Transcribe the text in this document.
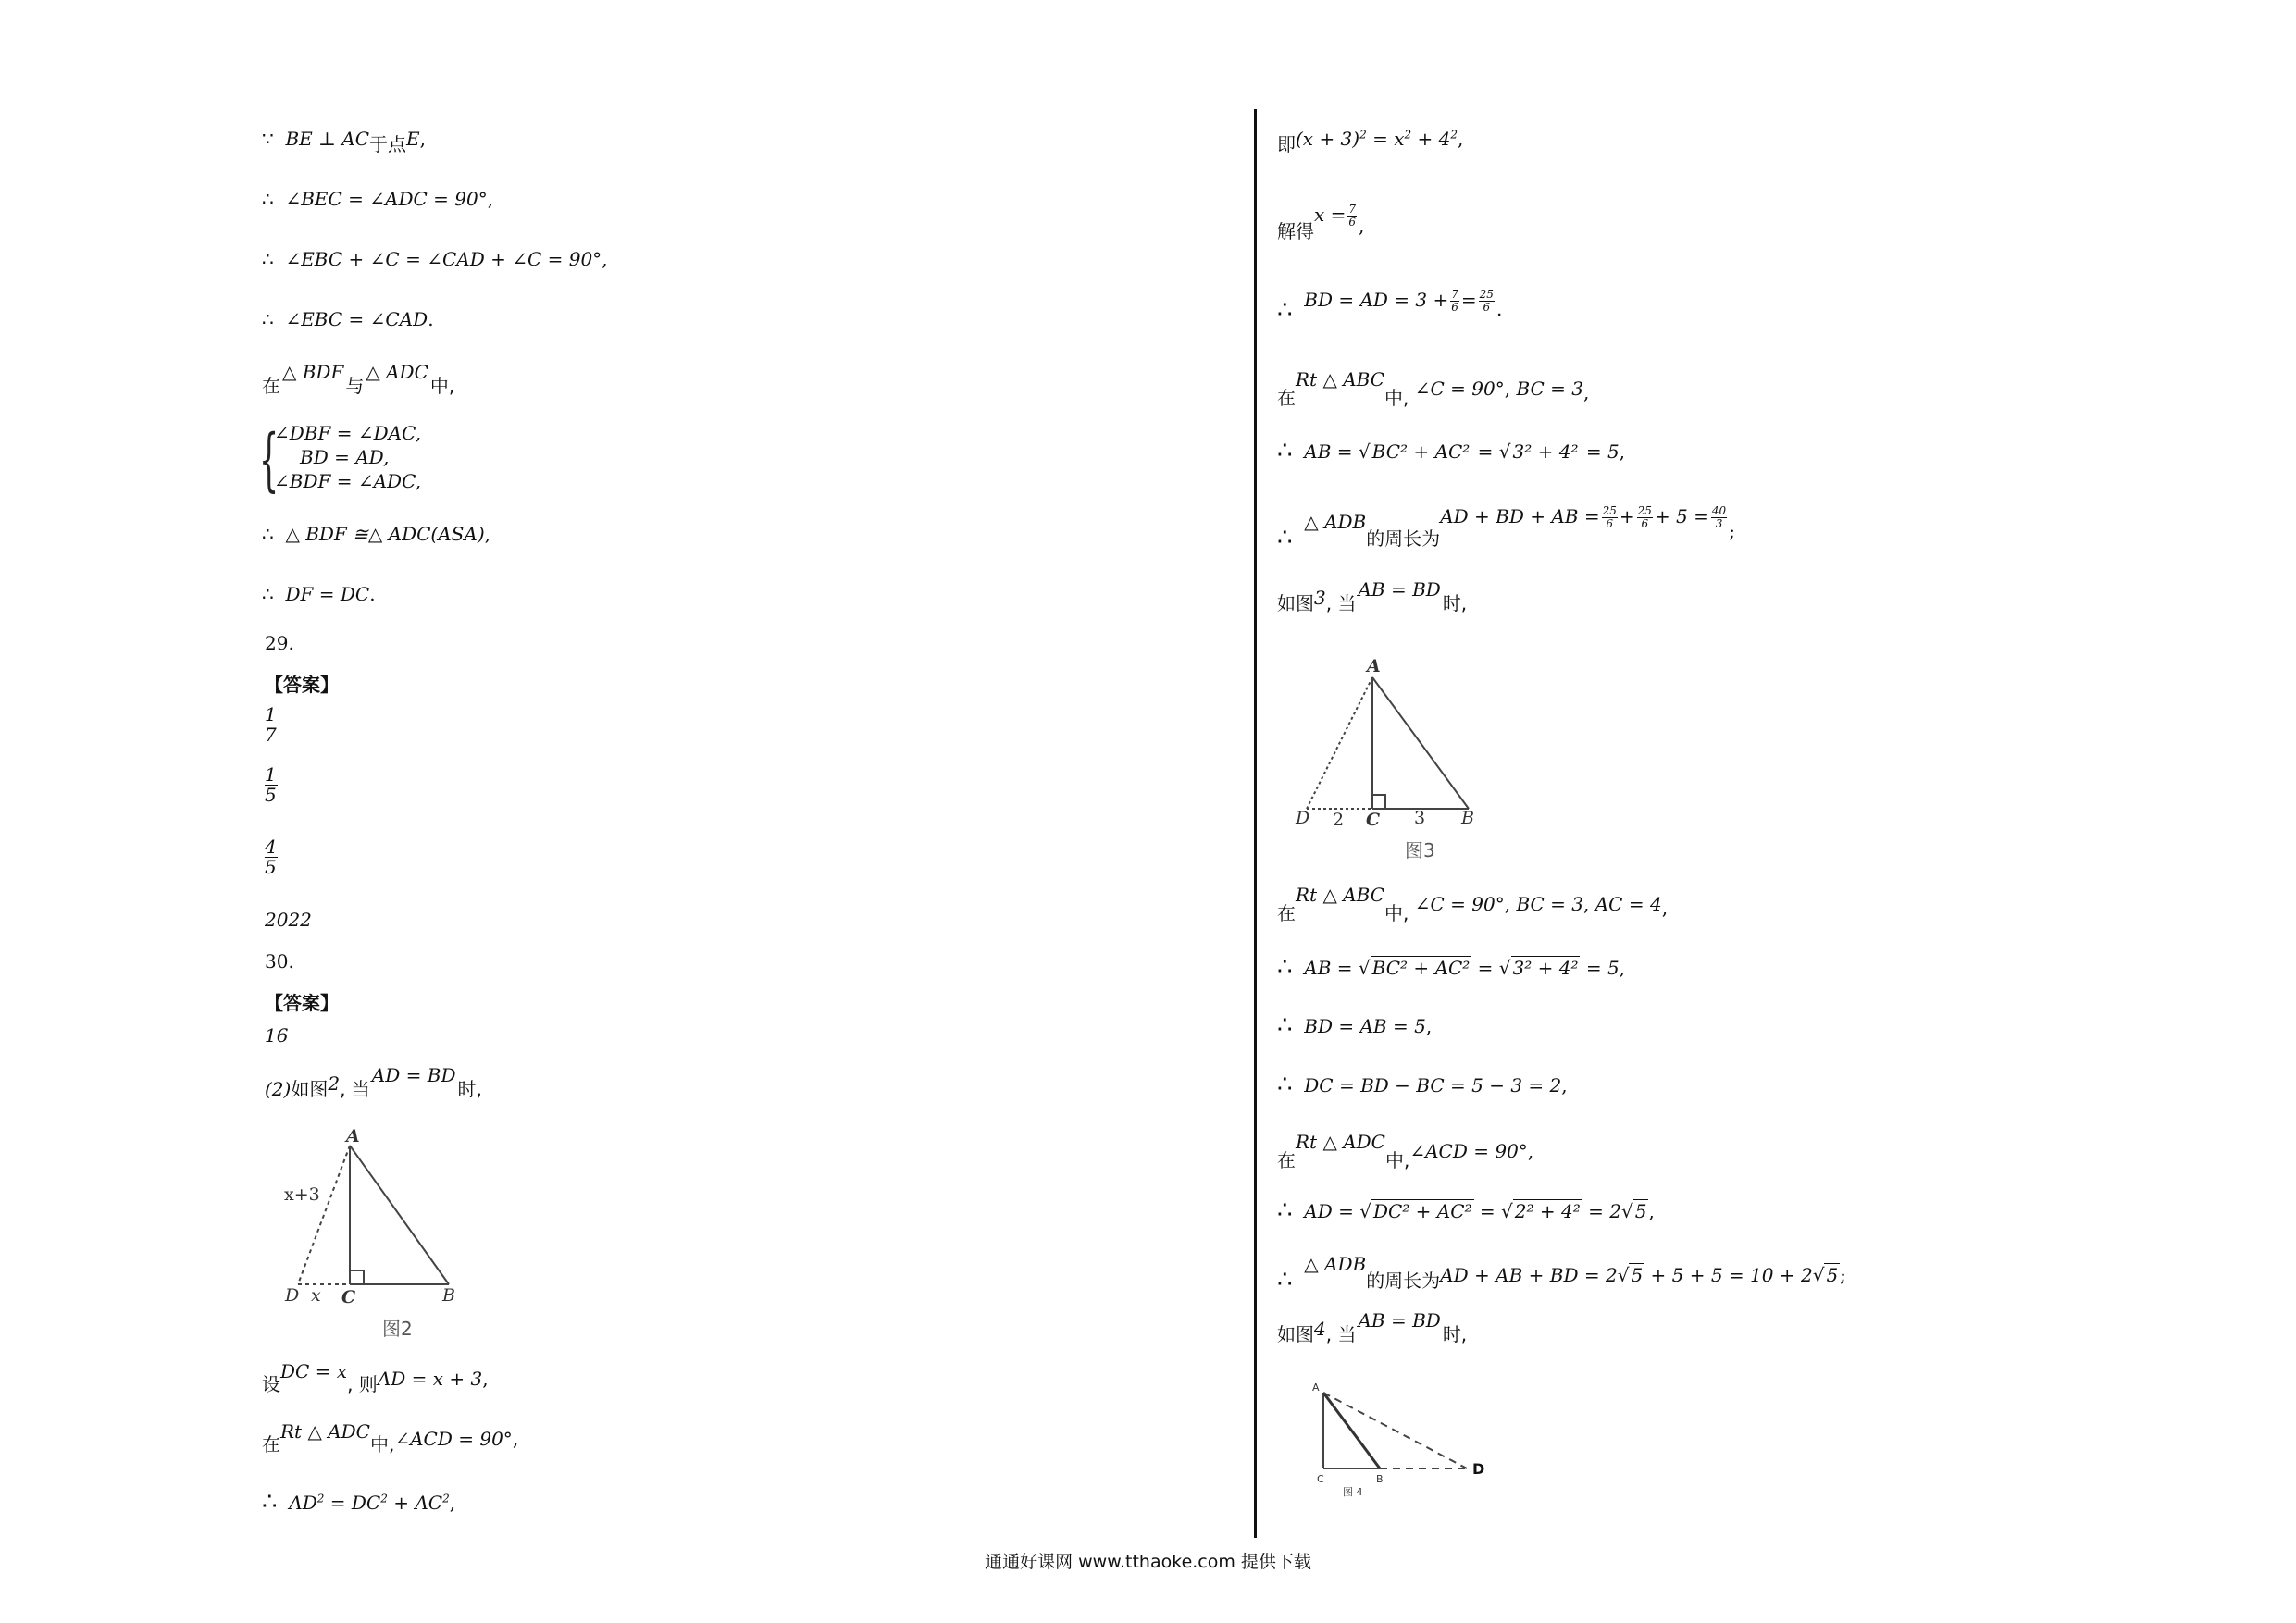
∵ BE ⊥ AC于点E,
∴ ∠BEC = ∠ADC = 90°,
∴ ∠EBC + ∠C = ∠CAD + ∠C = 90°,
∴ ∠EBC = ∠CAD.
在△ BDF与△ ADC中,
{
∠DBF = ∠DAC,
BD = AD,
∠BDF = ∠ADC,
∴ △ BDF ≅△ ADC(ASA),
∴ DF = DC.
29.
【答案】
$\frac{1}{7}$
$\frac{1}{5}$
$\frac{4}{5}$
2022
30.
【答案】
16
(2)如图2, 当AD = BD时,
A
D C	B
x+3
x
图2
设DC = x, 则AD = x + 3,
在Rt △ ADC中,∠ACD = 90°,
∴ $AD^2 = DC^2 + AC^2$,
即$(x + 3)^2 = x^2 + 4^2$,
解得$x = \frac{7}{6}$ ,
∴ BD = AD = $3 + \frac{7}{6} = \frac{25}{6}$ .
在Rt △ ABC中, ∠C = 90°, BC = 3,
∴ AB = √ BC² + AC² = √ 3² + 4² = 5,
∴  △ ADB的周长为AD + BD + AB = $\frac{25}{6} + \frac{25}{6} + 5 = \frac{40}{3}$
;
如图3, 当AB = BD时,
A
D	C	B
2	3
图3
在Rt △ ABC中, ∠C = 90°, BC = 3, AC = 4,
∴ AB = √ BC² + AC² = √ 3² + 4² = 5,
∴ BD = AB = 5,
∴ DC = BD − BC = 5 − 3 = 2,
在Rt △ ADC中,∠ACD = 90°,
∴ AD = √ DC² + AC² = √ 2² + 4² = 2√ 5 ,
∴  △ ADB的周长为AD + AB + BD = 2√ 5 + 5 + 5 = 10 + 2√ 5 ;
如图4, 当AB = BD时,
A
C	B
D
图 4
通通好课网 www.tthaoke.com 提供下载
